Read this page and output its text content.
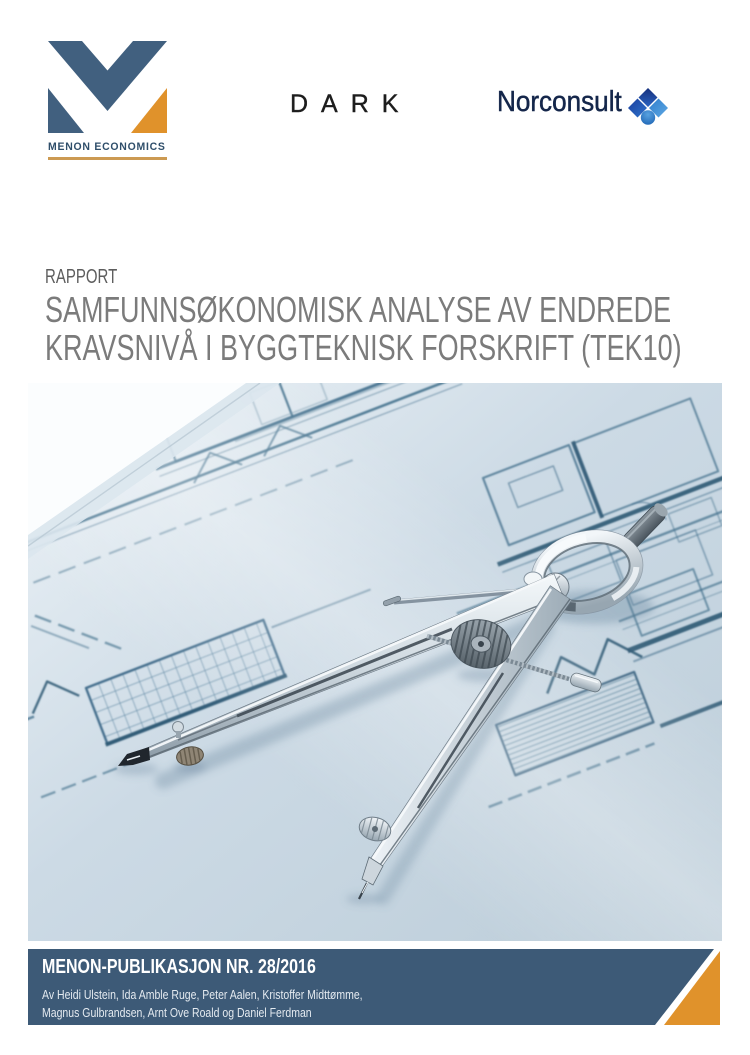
MENON ECONOMICS
DARK	Norconsult
RAPPORT
SAMFUNNSØKONOMISK ANALYSE AV ENDREDE
KRAVSNIVÅ I BYGGTEKNISK FORSKRIFT (TEK10)
MENON-PUBLIKASJON NR. 28/2016
Av Heidi Ulstein, Ida Amble Ruge, Peter Aalen, Kristoffer Midttømme,
Magnus Gulbrandsen, Arnt Ove Roald og Daniel Ferdman
